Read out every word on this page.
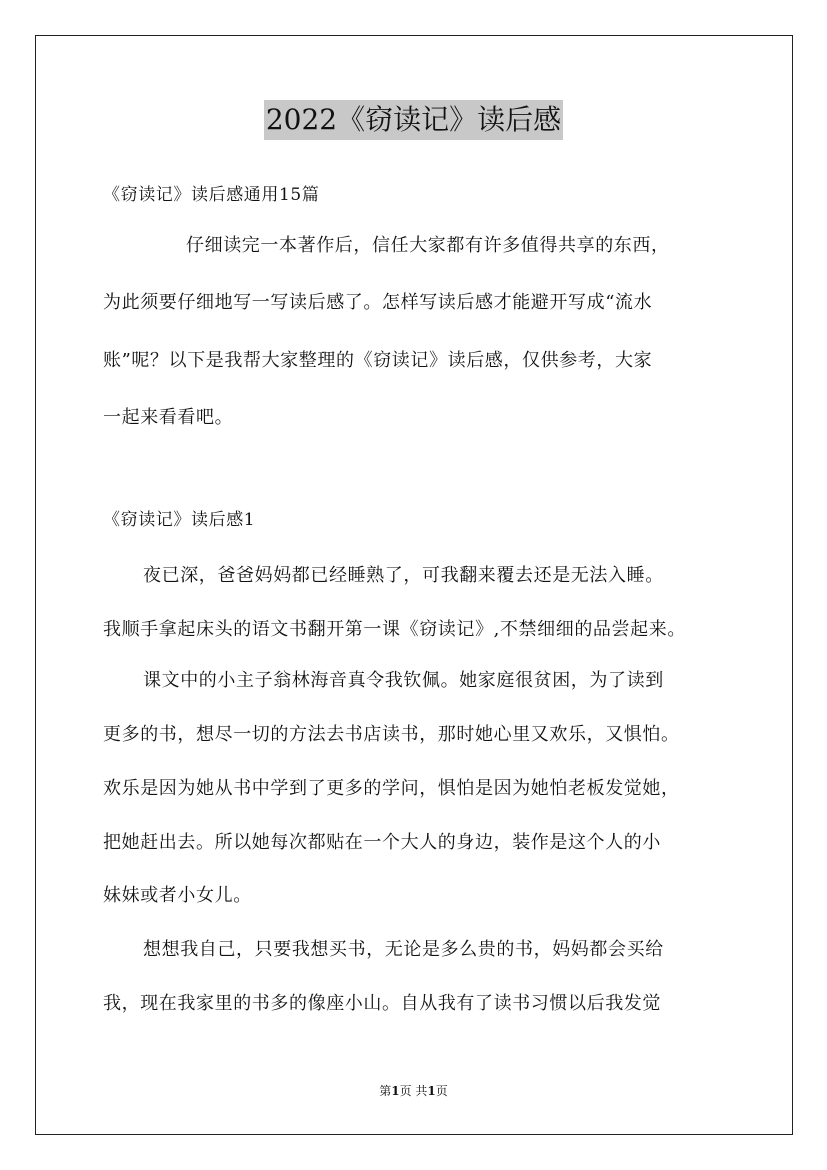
2022《窃读记》读后感
《窃读记》读后感通用15篇
仔细读完一本著作后，信任大家都有许多值得共享的东西，
为此须要仔细地写一写读后感了。怎样写读后感才能避开写成“流水
账”呢？以下是我帮大家整理的《窃读记》读后感，仅供参考，大家
一起来看看吧。
《窃读记》读后感1
夜已深，爸爸妈妈都已经睡熟了，可我翻来覆去还是无法入睡。
我顺手拿起床头的语文书翻开第一课《窃读记》,不禁细细的品尝起来。
课文中的小主子翁林海音真令我钦佩。她家庭很贫困，为了读到
更多的书，想尽一切的方法去书店读书，那时她心里又欢乐，又惧怕。
欢乐是因为她从书中学到了更多的学问，惧怕是因为她怕老板发觉她，
把她赶出去。所以她每次都贴在一个大人的身边，装作是这个人的小
妹妹或者小女儿。
想想我自己，只要我想买书，无论是多么贵的书，妈妈都会买给
我，现在我家里的书多的像座小山。自从我有了读书习惯以后我发觉
第1页 共1页
